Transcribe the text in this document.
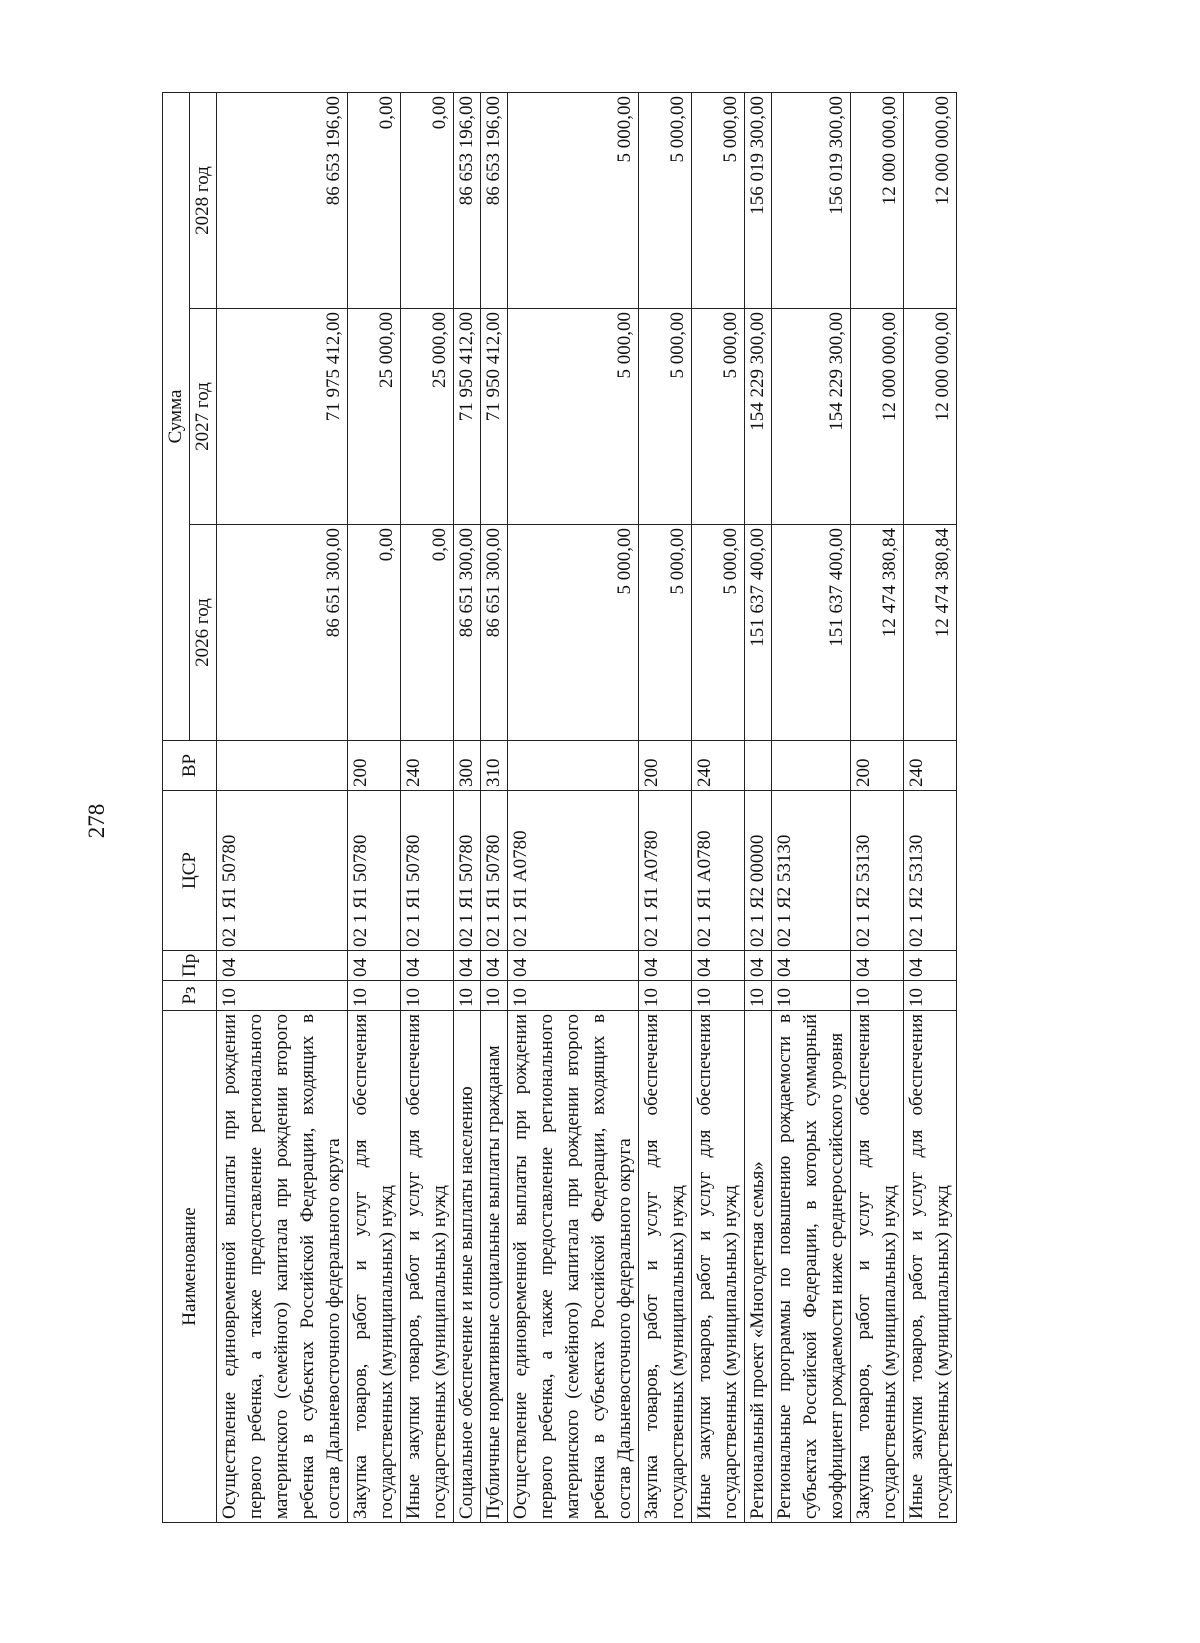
278
Наименование	Рз	Пр	ЦСР	ВР	Сумма		
					2026 год	2027 год	2028 год
Осуществление единовременной выплаты при рождении первого ребенка, а также предоставление регионального материнского (семейного) капитала при рождении второго ребенка в субъектах Российской Федерации, входящих в состав Дальневосточного федерального округа	10	04	02 1 Я1 50780		86 651 300,00	71 975 412,00	86 653 196,00
Закупка товаров, работ и услуг для обеспечения государственных (муниципальных) нужд	10	04	02 1 Я1 50780	200	0,00	25 000,00	0,00
Иные закупки товаров, работ и услуг для обеспечения государственных (муниципальных) нужд	10	04	02 1 Я1 50780	240	0,00	25 000,00	0,00
Социальное обеспечение и иные выплаты населению	10	04	02 1 Я1 50780	300	86 651 300,00	71 950 412,00	86 653 196,00
Публичные нормативные социальные выплаты гражданам	10	04	02 1 Я1 50780	310	86 651 300,00	71 950 412,00	86 653 196,00
Осуществление единовременной выплаты при рождении первого ребенка, а также предоставление регионального материнского (семейного) капитала при рождении второго ребенка в субъектах Российской Федерации, входящих в состав Дальневосточного федерального округа	10	04	02 1 Я1 А0780		5 000,00	5 000,00	5 000,00
Закупка товаров, работ и услуг для обеспечения государственных (муниципальных) нужд	10	04	02 1 Я1 А0780	200	5 000,00	5 000,00	5 000,00
Иные закупки товаров, работ и услуг для обеспечения государственных (муниципальных) нужд	10	04	02 1 Я1 А0780	240	5 000,00	5 000,00	5 000,00
Региональный проект «Многодетная семья»	10	04	02 1 Я2 00000		151 637 400,00	154 229 300,00	156 019 300,00
Региональные программы по повышению рождаемости в субъектах Российской Федерации, в которых суммарный коэффициент рождаемости ниже среднероссийского уровня	10	04	02 1 Я2 53130		151 637 400,00	154 229 300,00	156 019 300,00
Закупка товаров, работ и услуг для обеспечения государственных (муниципальных) нужд	10	04	02 1 Я2 53130	200	12 474 380,84	12 000 000,00	12 000 000,00
Иные закупки товаров, работ и услуг для обеспечения государственных (муниципальных) нужд	10	04	02 1 Я2 53130	240	12 474 380,84	12 000 000,00	12 000 000,00
